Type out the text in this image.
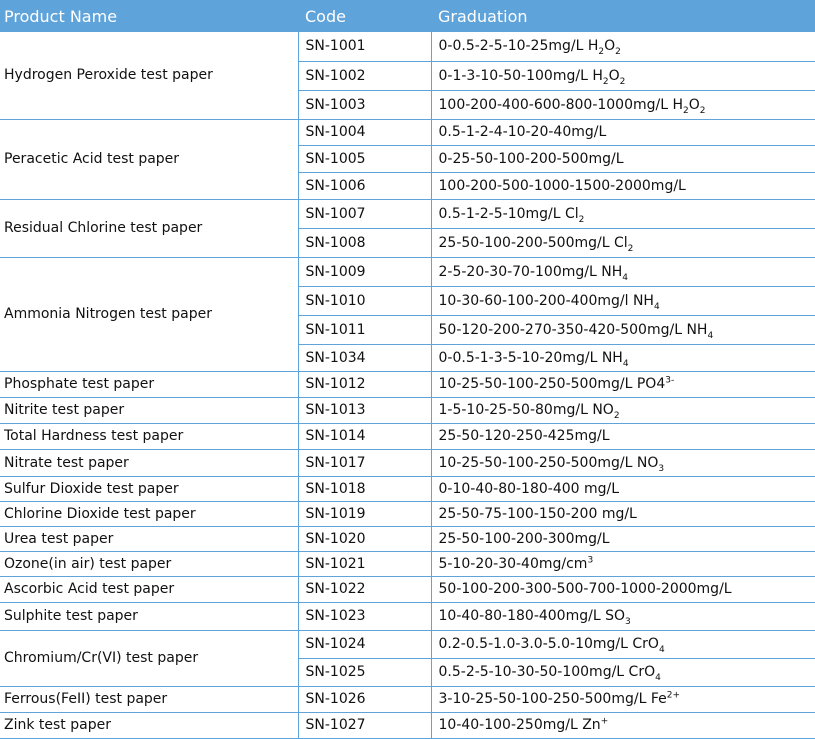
Product Name	Code	Graduation
Hydrogen Peroxide test paper	SN-1001	0-0.5-2-5-10-25mg/L $H_2O_2$
	SN-1002	0-1-3-10-50-100mg/L $H_2O_2$
	SN-1003	100-200-400-600-800-1000mg/L $H_2O_2$
Peracetic Acid test paper	SN-1004	0.5-1-2-4-10-20-40mg/L
	SN-1005	0-25-50-100-200-500mg/L
	SN-1006	100-200-500-1000-1500-2000mg/L
Residual Chlorine test paper	SN-1007	0.5-1-2-5-10mg/L $Cl_2$
	SN-1008	25-50-100-200-500mg/L $Cl_2$
Ammonia Nitrogen test paper	SN-1009	2-5-20-30-70-100mg/L $NH_4$
	SN-1010	10-30-60-100-200-400mg/l $NH_4$
	SN-1011	50-120-200-270-350-420-500mg/L $NH_4$
	SN-1034	0-0.5-1-3-5-10-20mg/L $NH_4$
Phosphate test paper	SN-1012	10-25-50-100-250-500mg/L $PO4^{3-}$
Nitrite test paper	SN-1013	1-5-10-25-50-80mg/L $NO_2$
Total Hardness test paper	SN-1014	25-50-120-250-425mg/L
Nitrate test paper	SN-1017	10-25-50-100-250-500mg/L $NO_3$
Sulfur Dioxide test paper	SN-1018	0-10-40-80-180-400 mg/L
Chlorine Dioxide test paper	SN-1019	25-50-75-100-150-200 mg/L
Urea test paper	SN-1020	25-50-100-200-300mg/L
Ozone(in air) test paper	SN-1021	$5-10-20-30-40mg/cm^3$
Ascorbic Acid test paper	SN-1022	50-100-200-300-500-700-1000-2000mg/L
Sulphite test paper	SN-1023	10-40-80-180-400mg/L $SO_3$
Chromium/Cr(VI) test paper	SN-1024	0.2-0.5-1.0-3.0-5.0-10mg/L CrO$_4$
	SN-1025	0.5-2-5-10-30-50-100mg/L CrO$_4$
Ferrous(FeII) test paper	SN-1026	3-10-25-50-100-250-500mg/L $Fe^{2+}$
Zink test paper	SN-1027	10-40-100-250mg/L Zn+
